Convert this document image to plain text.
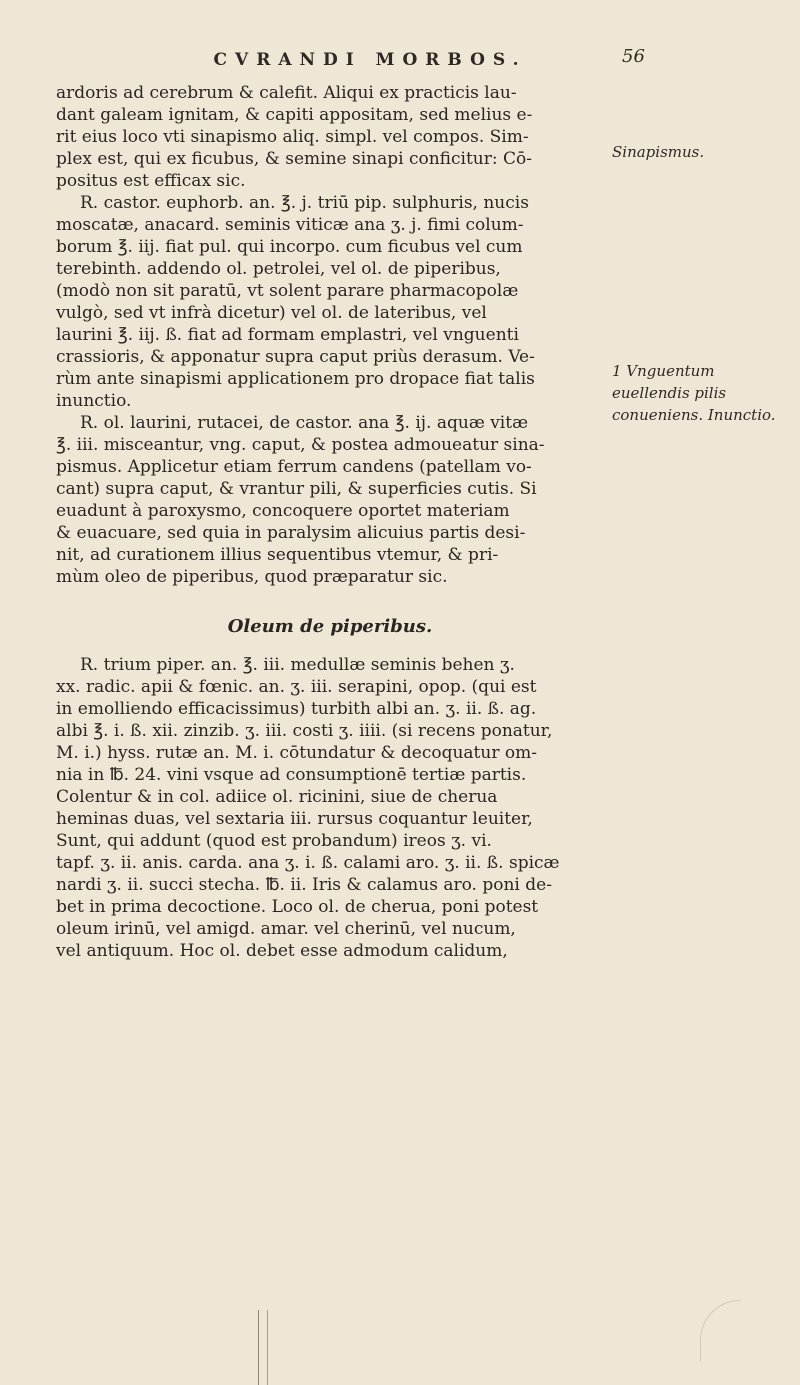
CVRANDI MORBOS.	56

ardoris ad cerebrum & calefit. Aliqui ex practicis lau-

dant galeam ignitam, & capiti appositam, sed melius e-

rit eius loco vti sinapismo aliq. simpl. vel compos. Sim-

plex est, qui ex ficubus, & semine sinapi conficitur: Cō-

positus est efficax sic.

R. castor. euphorb. an. ℥. j. triū pip. sulphuris, nucis

moscatæ, anacard. seminis viticæ ana ʒ. j. fimi colum-

borum ℥. iij. fiat pul. qui incorpo. cum ficubus vel cum

terebinth. addendo ol. petrolei, vel ol. de piperibus,

(modò non sit paratū, vt solent parare pharmacopolæ

vulgò, sed vt infrà dicetur) vel ol. de lateribus, vel

laurini ℥. iij. ß. fiat ad formam emplastri, vel vnguenti

crassioris, & apponatur supra caput priùs derasum. Ve-

rùm ante sinapismi applicationem pro dropace fiat talis

inunctio.

R. ol. laurini, rutacei, de castor. ana ℥. ij. aquæ vitæ

℥. iii. misceantur, vng. caput, & postea admoueatur sina-

pismus. Applicetur etiam ferrum candens (patellam vo-

cant) supra caput, & vrantur pili, & superficies cutis. Si

euadunt à paroxysmo, concoquere oportet materiam

& euacuare, sed quia in paralysim alicuius partis desi-

nit, ad curationem illius sequentibus vtemur, & pri-

mùm oleo de piperibus, quod præparatur sic.

Oleum de piperibus.

R. trium piper. an. ℥. iii. medullæ seminis behen ʒ.

xx. radic. apii & fœnic. an. ʒ. iii. serapini, opop. (qui est

in emolliendo efficacissimus) turbith albi an. ʒ. ii. ß. ag.

albi ℥. i. ß. xii. zinzib. ʒ. iii. costi ʒ. iiii. (si recens ponatur,

M. i.) hyss. rutæ an. M. i. cōtundatur & decoquatur om-

nia in ℔. 24. vini vsque ad consumptionē tertiæ partis.

Colentur & in col. adiice ol. ricinini, siue de cherua

heminas duas, vel sextaria iii. rursus coquantur leuiter,

Sunt, qui addunt (quod est probandum) ireos ʒ. vi.

tapf. ʒ. ii. anis. carda. ana ʒ. i. ß. calami aro. ʒ. ii. ß. spicæ

nardi ʒ. ii. succi stecha. ℔. ii. Iris & calamus aro. poni de-

bet in prima decoctione. Loco ol. de cherua, poni potest

oleum irinū, vel amigd. amar. vel cherinū, vel nucum,

vel antiquum. Hoc ol. debet esse admodum calidum,

Sinapismus.
1 Vnguentum euellendis pilis conueniens. Inunctio.
